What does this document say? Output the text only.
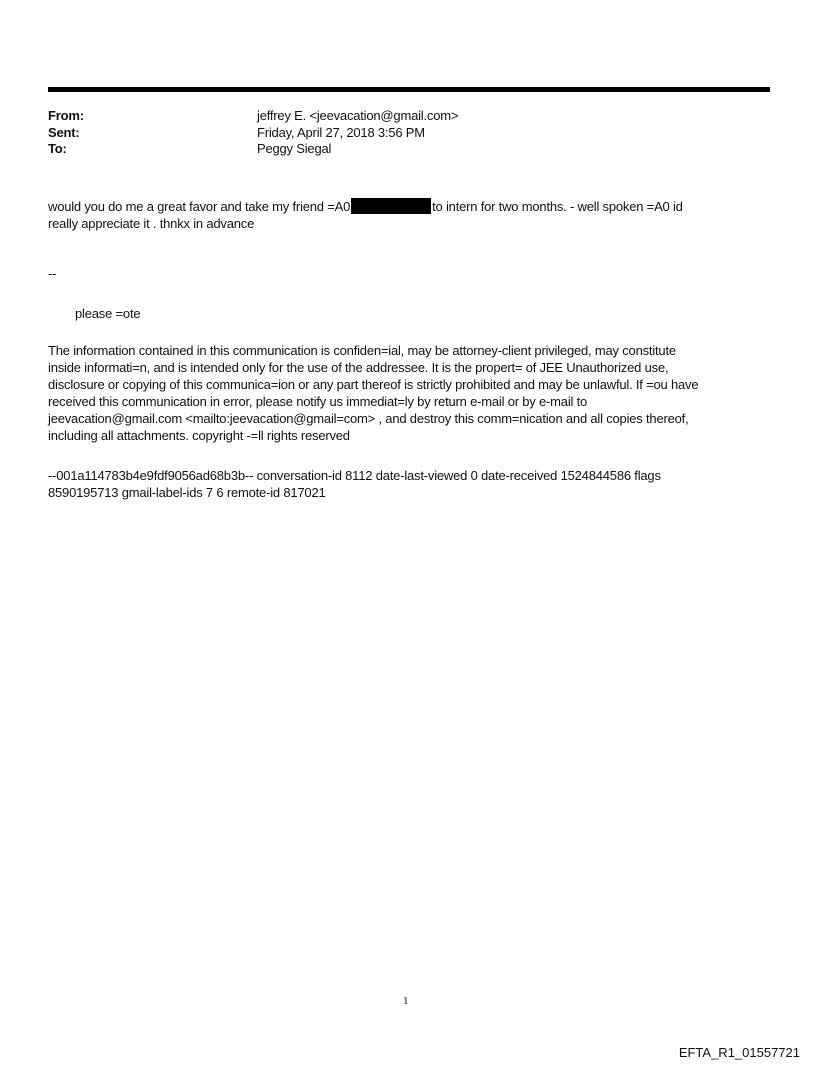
From:	jeffrey E. <jeevacation@gmail.com>
Sent:	Friday, April 27, 2018 3:56 PM
To:	Peggy Siegal
would you do me a great favor and take my friend =A0	to intern for two months. - well spoken =A0 id
really appreciate it . thnkx in advance
--
please =ote
The information contained in this communication is confiden=ial, may be attorney-client privileged, may constitute
inside informati=n, and is intended only for the use of the addressee. It is the propert= of JEE Unauthorized use,
disclosure or copying of this communica=ion or any part thereof is strictly prohibited and may be unlawful. If =ou have
received this communication in error, please notify us immediat=ly by return e-mail or by e-mail to
jeevacation@gmail.com <mailto:jeevacation@gmail=com> , and destroy this comm=nication and all copies thereof,
including all attachments. copyright -=ll rights reserved
--001a114783b4e9fdf9056ad68b3b-- conversation-id 8112 date-last-viewed 0 date-received 1524844586 flags
8590195713 gmail-label-ids 7 6 remote-id 817021
1
EFTA_R1_01557721
